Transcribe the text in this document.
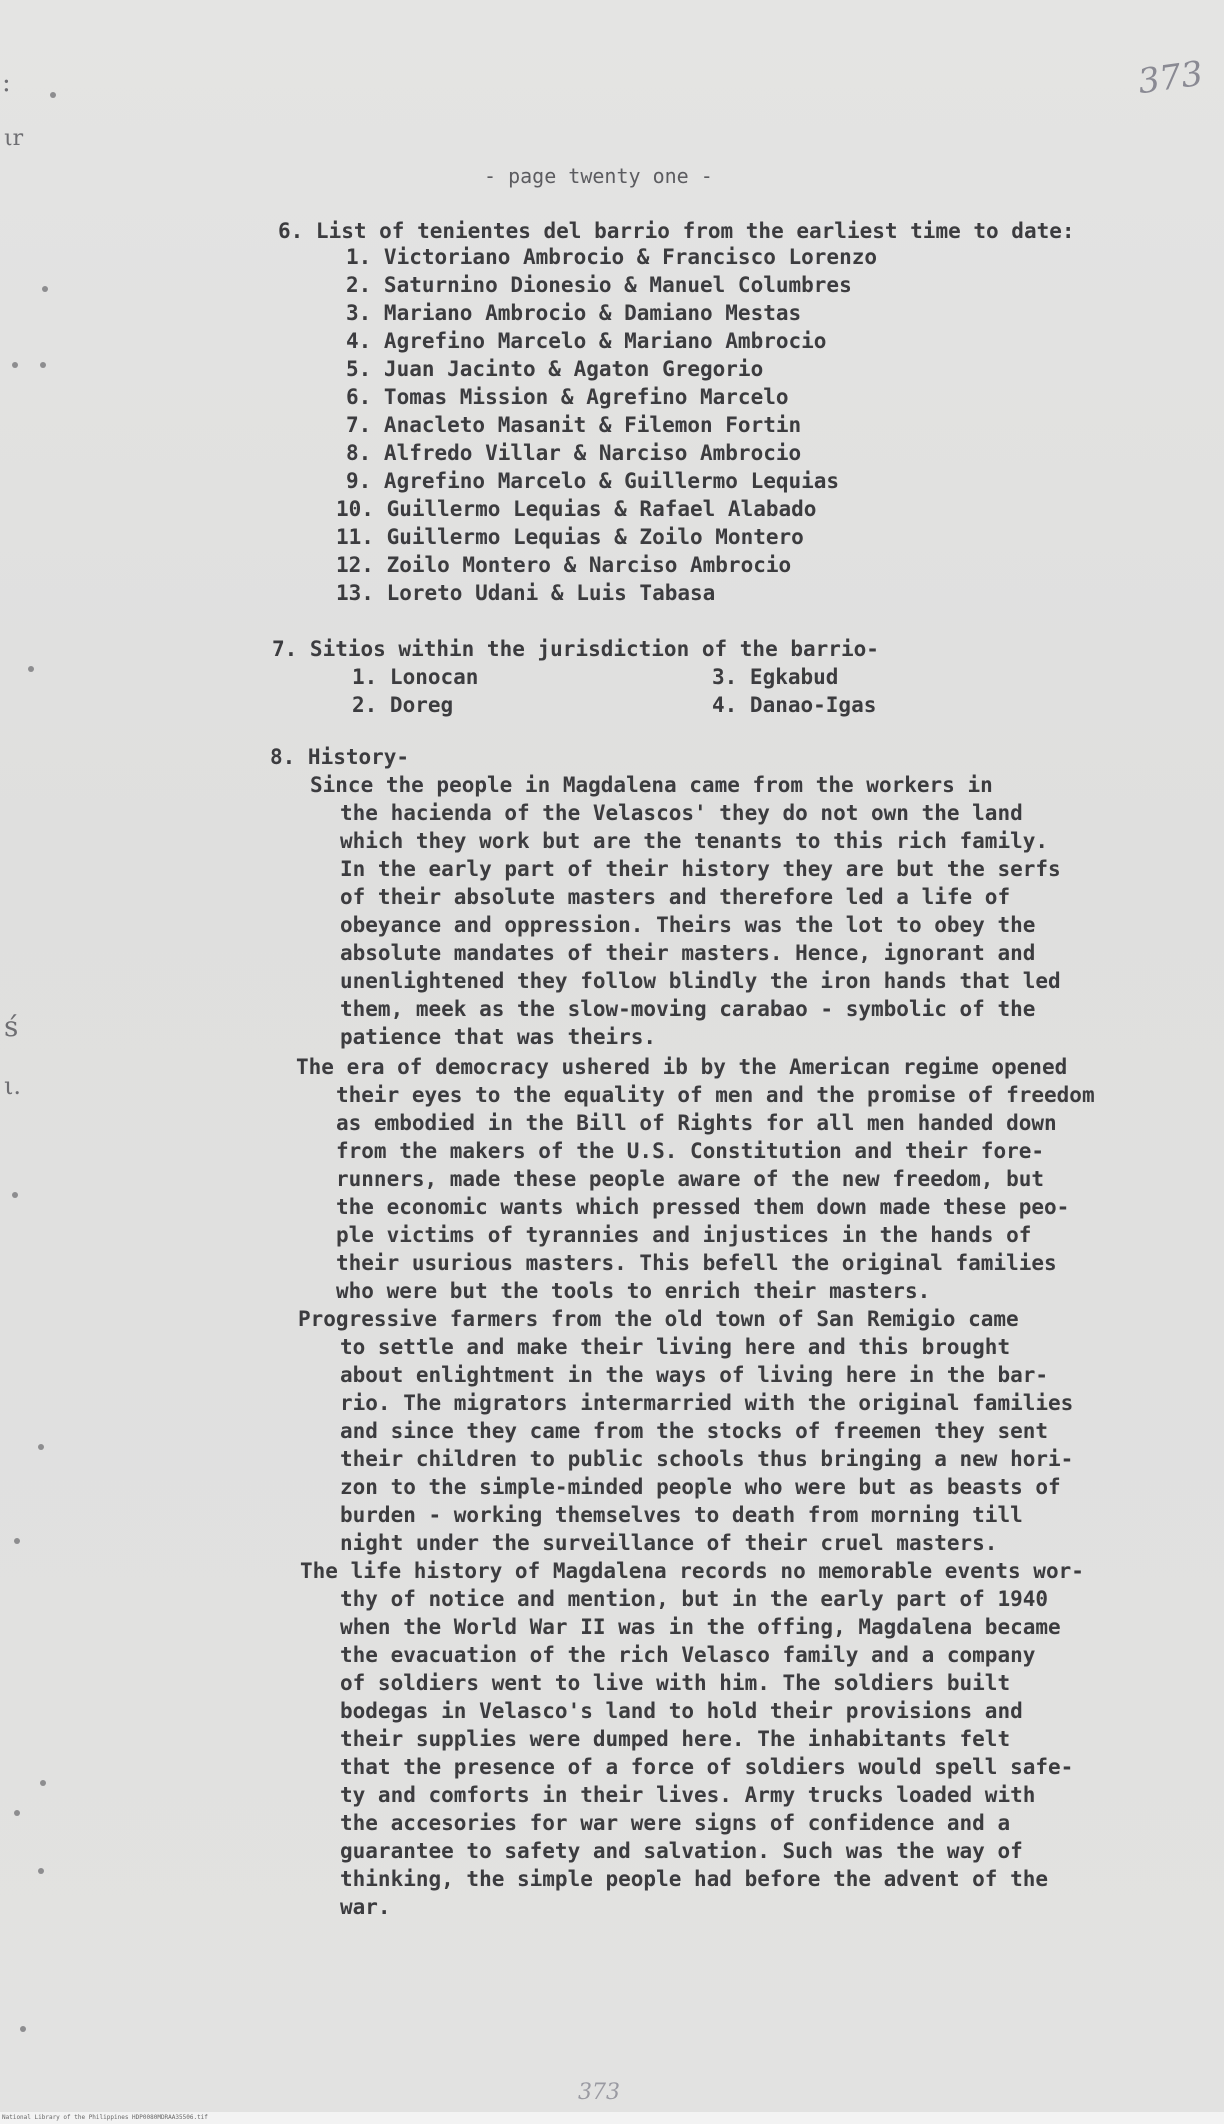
:
ιr
ś
ι.
373
- page twenty one -
6. List of tenientes del barrio from the earliest time to date:
1. Victoriano Ambrocio & Francisco Lorenzo
2. Saturnino Dionesio & Manuel Columbres
3. Mariano Ambrocio & Damiano Mestas
4. Agrefino Marcelo & Mariano Ambrocio
5. Juan Jacinto & Agaton Gregorio
6. Tomas Mission & Agrefino Marcelo
7. Anacleto Masanit & Filemon Fortin
8. Alfredo Villar & Narciso Ambrocio
9. Agrefino Marcelo & Guillermo Lequias
10. Guillermo Lequias & Rafael Alabado
11. Guillermo Lequias & Zoilo Montero
12. Zoilo Montero & Narciso Ambrocio
13. Loreto Udani & Luis Tabasa
7. Sitios within the jurisdiction of the barrio-
1. Lonocan	3. Egkabud
2. Doreg	4. Danao-Igas
8. History-
Since the people in Magdalena came from the workers in
the hacienda of the Velascos' they do not own the land
which they work but are the tenants to this rich family.
In the early part of their history they are but the serfs
of their absolute masters and therefore led a life of
obeyance and oppression. Theirs was the lot to obey the
absolute mandates of their masters. Hence, ignorant and
unenlightened they follow blindly the iron hands that led
them, meek as the slow-moving carabao - symbolic of the
patience that was theirs.
The era of democracy ushered ib by the American regime opened
their eyes to the equality of men and the promise of freedom
as embodied in the Bill of Rights for all men handed down
from the makers of the U.S. Constitution and their fore-
runners, made these people aware of the new freedom, but
the economic wants which pressed them down made these peo-
ple victims of tyrannies and injustices in the hands of
their usurious masters. This befell the original families
who were but the tools to enrich their masters.
Progressive farmers from the old town of San Remigio came
to settle and make their living here and this brought
about enlightment in the ways of living here in the bar-
rio. The migrators intermarried with the original families
and since they came from the stocks of freemen they sent
their children to public schools thus bringing a new hori-
zon to the simple-minded people who were but as beasts of
burden - working themselves to death from morning till
night under the surveillance of their cruel masters.
The life history of Magdalena records no memorable events wor-
thy of notice and mention, but in the early part of 1940
when the World War II was in the offing, Magdalena became
the evacuation of the rich Velasco family and a company
of soldiers went to live with him. The soldiers built
bodegas in Velasco's land to hold their provisions and
their supplies were dumped here. The inhabitants felt
that the presence of a force of soldiers would spell safe-
ty and comforts in their lives. Army trucks loaded with
the accesories for war were signs of confidence and a
guarantee to safety and salvation. Such was the way of
thinking, the simple people had before the advent of the
war.
373
National Library of the Philippines HDP0080MDRAA35506.tif
